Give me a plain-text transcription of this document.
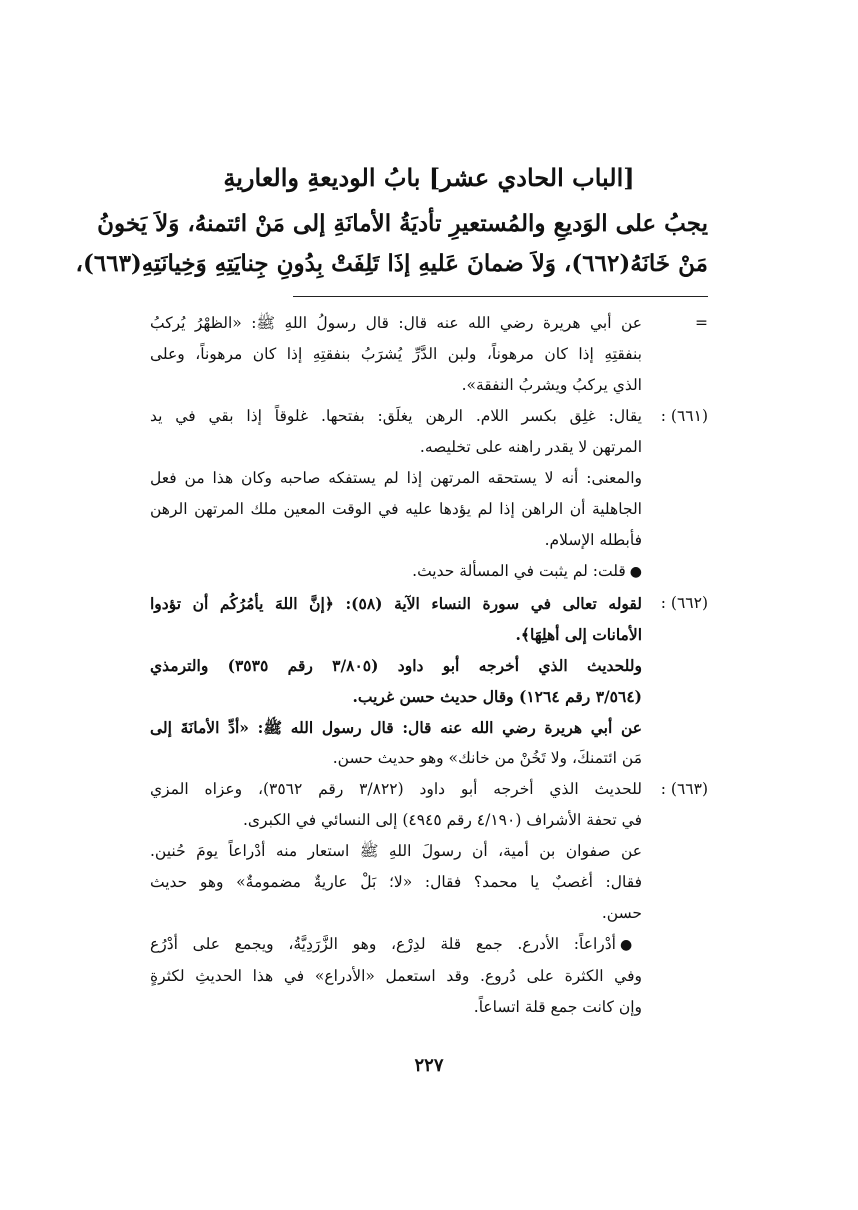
[الباب الحادي عشر] بابُ الوديعةِ والعاريةِ
يجبُ على الوَديعِ والمُستعيرِ تأديَةُ الأمانَةِ إلى مَنْ ائتمنهُ، وَلاَ يَخونُ
مَنْ خَانَهُ(٦٦٢)، وَلاَ ضمانَ عَليهِ إذَا تَلِفَتْ بِدُونِ جِنايَتِهِ وَخِيانَتِهِ(٦٦٣)،
=
عن أبي هريرة رضي الله عنه قال: قال رسولُ اللهِ ﷺ: «الظهْرُ يُركبُ
بنفقتِهِ إذا كان مرهوناً، ولبن الدَّرِّ يُشرَبُ بنفقتِهِ إذا كان مرهوناً، وعلى
الذي يركبُ ويشربُ النفقة».
(٦٦١) :
يقال: غلِق بكسر اللام. الرهن يغلَق: بفتحها. غلوقاً إذا بقي في يد
المرتهن لا يقدر راهنه على تخليصه.
والمعنى: أنه لا يستحقه المرتهن إذا لم يستفكه صاحبه وكان هذا من فعل
الجاهلية أن الراهن إذا لم يؤدها عليه في الوقت المعين ملك المرتهن الرهن
فأبطله الإسلام.
●قلت: لم يثبت في المسألة حديث.
(٦٦٢) :
لقوله تعالى في سورة النساء الآية (٥٨): ﴿إنَّ اللهَ يأمُرُكُم أن تؤدوا
الأمانات إلى أهلِهَا﴾.
وللحديث الذي أخرجه أبو داود (٣/٨٠٥ رقم ٣٥٣٥) والترمذي
(٣/٥٦٤ رقم ١٢٦٤) وقال حديث حسن غريب.
عن أبي هريرة رضي الله عنه قال: قال رسول الله ﷺ: «أدِّ الأمانَةَ إلى
مَن ائتمنكَ، ولا تَخُنْ من خانك» وهو حديث حسن.
(٦٦٣) :
للحديث الذي أخرجه أبو داود (٣/٨٢٢ رقم ٣٥٦٢)، وعزاه المزي
في تحفة الأشراف (٤/١٩٠ رقم ٤٩٤٥) إلى النسائي في الكبرى.
عن صفوان بن أمية، أن رسولَ اللهِ ﷺ استعار منه أدْراعاً يومَ حُنين.
فقال: أغصبٌ يا محمد؟ فقال: «لا؛ بَلْ عاريةٌ مضمومةٌ» وهو حديث
حسن.
●أدْراعاً: الأدرع. جمع قلة لدِرْع، وهو الزَّرَدِيَّةُ، ويجمع على أدْرُع
وفي الكثرة على دُروع. وقد استعمل «الأدراع» في هذا الحديثِ لكثرةٍ
وإن كانت جمع قلة اتساعاً.
٢٢٧
